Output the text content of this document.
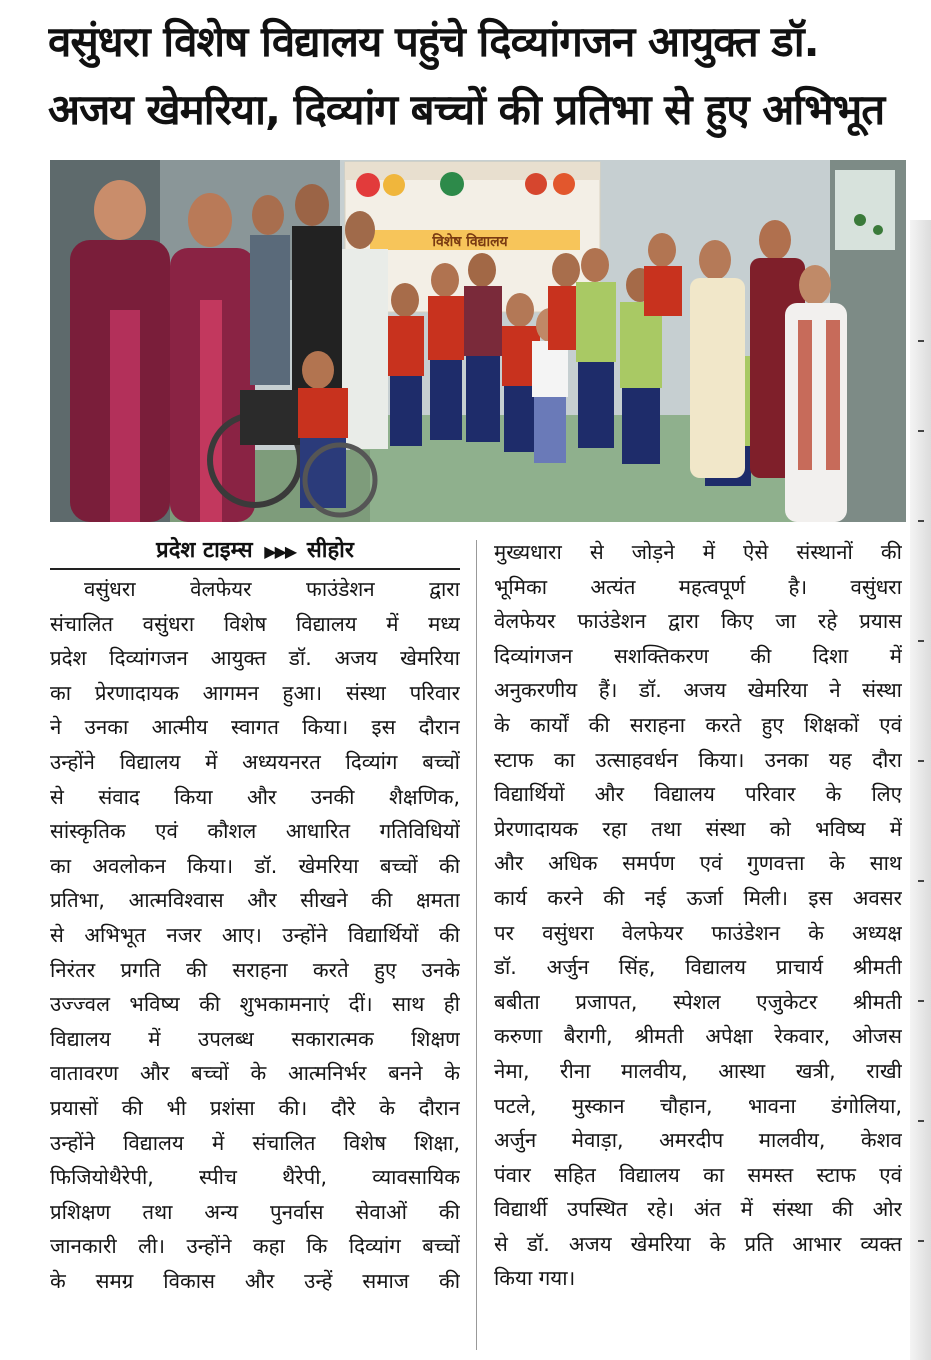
वसुंधरा विशेष विद्यालय पहुंचे दिव्यांगजन आयुक्त डॉ.
अजय खेमरिया, दिव्यांग बच्चों की प्रतिभा से हुए अभिभूत
विशेष विद्यालय
प्रदेश टाइम्स ▶▶▶ सीहोर
वसुंधरा वेलफेयर फाउंडेशन द्वारा
संचालित वसुंधरा विशेष विद्यालय में मध्य
प्रदेश दिव्यांगजन आयुक्त डॉ. अजय खेमरिया
का प्रेरणादायक आगमन हुआ। संस्था परिवार
ने उनका आत्मीय स्वागत किया। इस दौरान
उन्होंने विद्यालय में अध्ययनरत दिव्यांग बच्चों
से संवाद किया और उनकी शैक्षणिक,
सांस्कृतिक एवं कौशल आधारित गतिविधियों
का अवलोकन किया। डॉ. खेमरिया बच्चों की
प्रतिभा, आत्मविश्वास और सीखने की क्षमता
से अभिभूत नजर आए। उन्होंने विद्यार्थियों की
निरंतर प्रगति की सराहना करते हुए उनके
उज्ज्वल भविष्य की शुभकामनाएं दीं। साथ ही
विद्यालय में उपलब्ध सकारात्मक शिक्षण
वातावरण और बच्चों के आत्मनिर्भर बनने के
प्रयासों की भी प्रशंसा की। दौरे के दौरान
उन्होंने विद्यालय में संचालित विशेष शिक्षा,
फिजियोथैरेपी, स्पीच थैरेपी, व्यावसायिक
प्रशिक्षण तथा अन्य पुनर्वास सेवाओं की
जानकारी ली। उन्होंने कहा कि दिव्यांग बच्चों
के समग्र विकास और उन्हें समाज की
मुख्यधारा से जोड़ने में ऐसे संस्थानों की
भूमिका अत्यंत महत्वपूर्ण है। वसुंधरा
वेलफेयर फाउंडेशन द्वारा किए जा रहे प्रयास
दिव्यांगजन सशक्तिकरण की दिशा में
अनुकरणीय हैं। डॉ. अजय खेमरिया ने संस्था
के कार्यों की सराहना करते हुए शिक्षकों एवं
स्टाफ का उत्साहवर्धन किया। उनका यह दौरा
विद्यार्थियों और विद्यालय परिवार के लिए
प्रेरणादायक रहा तथा संस्था को भविष्य में
और अधिक समर्पण एवं गुणवत्ता के साथ
कार्य करने की नई ऊर्जा मिली। इस अवसर
पर वसुंधरा वेलफेयर फाउंडेशन के अध्यक्ष
डॉ. अर्जुन सिंह, विद्यालय प्राचार्य श्रीमती
बबीता प्रजापत, स्पेशल एजुकेटर श्रीमती
करुणा बैरागी, श्रीमती अपेक्षा रेकवार, ओजस
नेमा, रीना मालवीय, आस्था खत्री, राखी
पटले, मुस्कान चौहान, भावना डंगोलिया,
अर्जुन मेवाड़ा, अमरदीप मालवीय, केशव
पंवार सहित विद्यालय का समस्त स्टाफ एवं
विद्यार्थी उपस्थित रहे। अंत में संस्था की ओर
से डॉ. अजय खेमरिया के प्रति आभार व्यक्त
किया गया।
